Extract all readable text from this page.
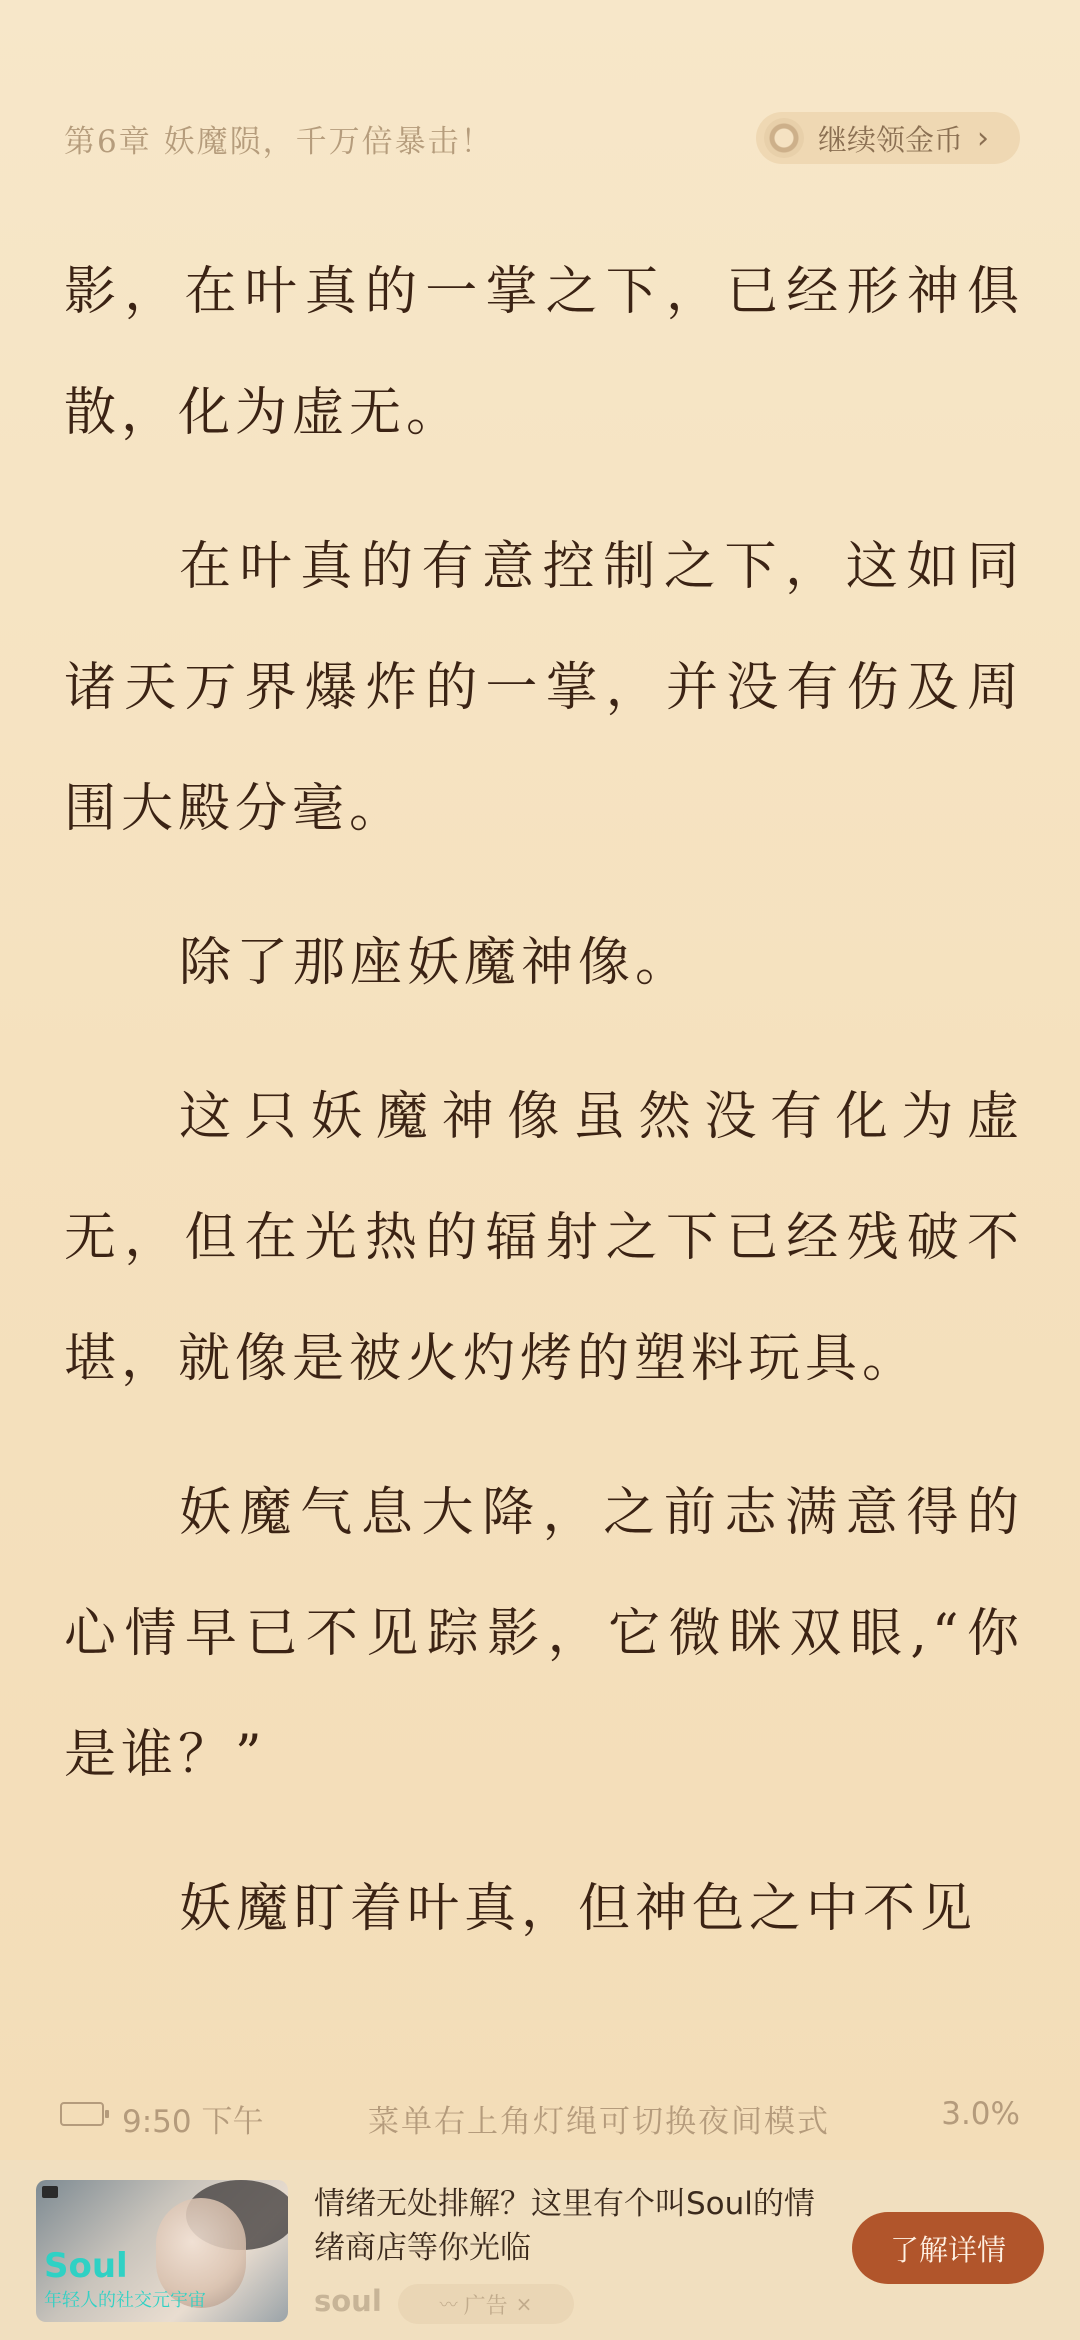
第6章 妖魔陨，千万倍暴击！	继续领金币 ›

影，在叶真的一掌之下，已经形神俱散，化为虚无。

在叶真的有意控制之下，这如同诸天万界爆炸的一掌，并没有伤及周围大殿分毫。

除了那座妖魔神像。

这只妖魔神像虽然没有化为虚无，但在光热的辐射之下已经残破不堪，就像是被火灼烤的塑料玩具。

妖魔气息大降，之前志满意得的心情早已不见踪影，它微眯双眼,“你是谁？”

妖魔盯着叶真，但神色之中不见

9:50 下午	菜单右上角灯绳可切换夜间模式	3.0%
Soul
年轻人的社交元宇宙
情绪无处排解？这里有个叫Soul的情绪商店等你光临
soul	〰 广告 ×
了解详情
